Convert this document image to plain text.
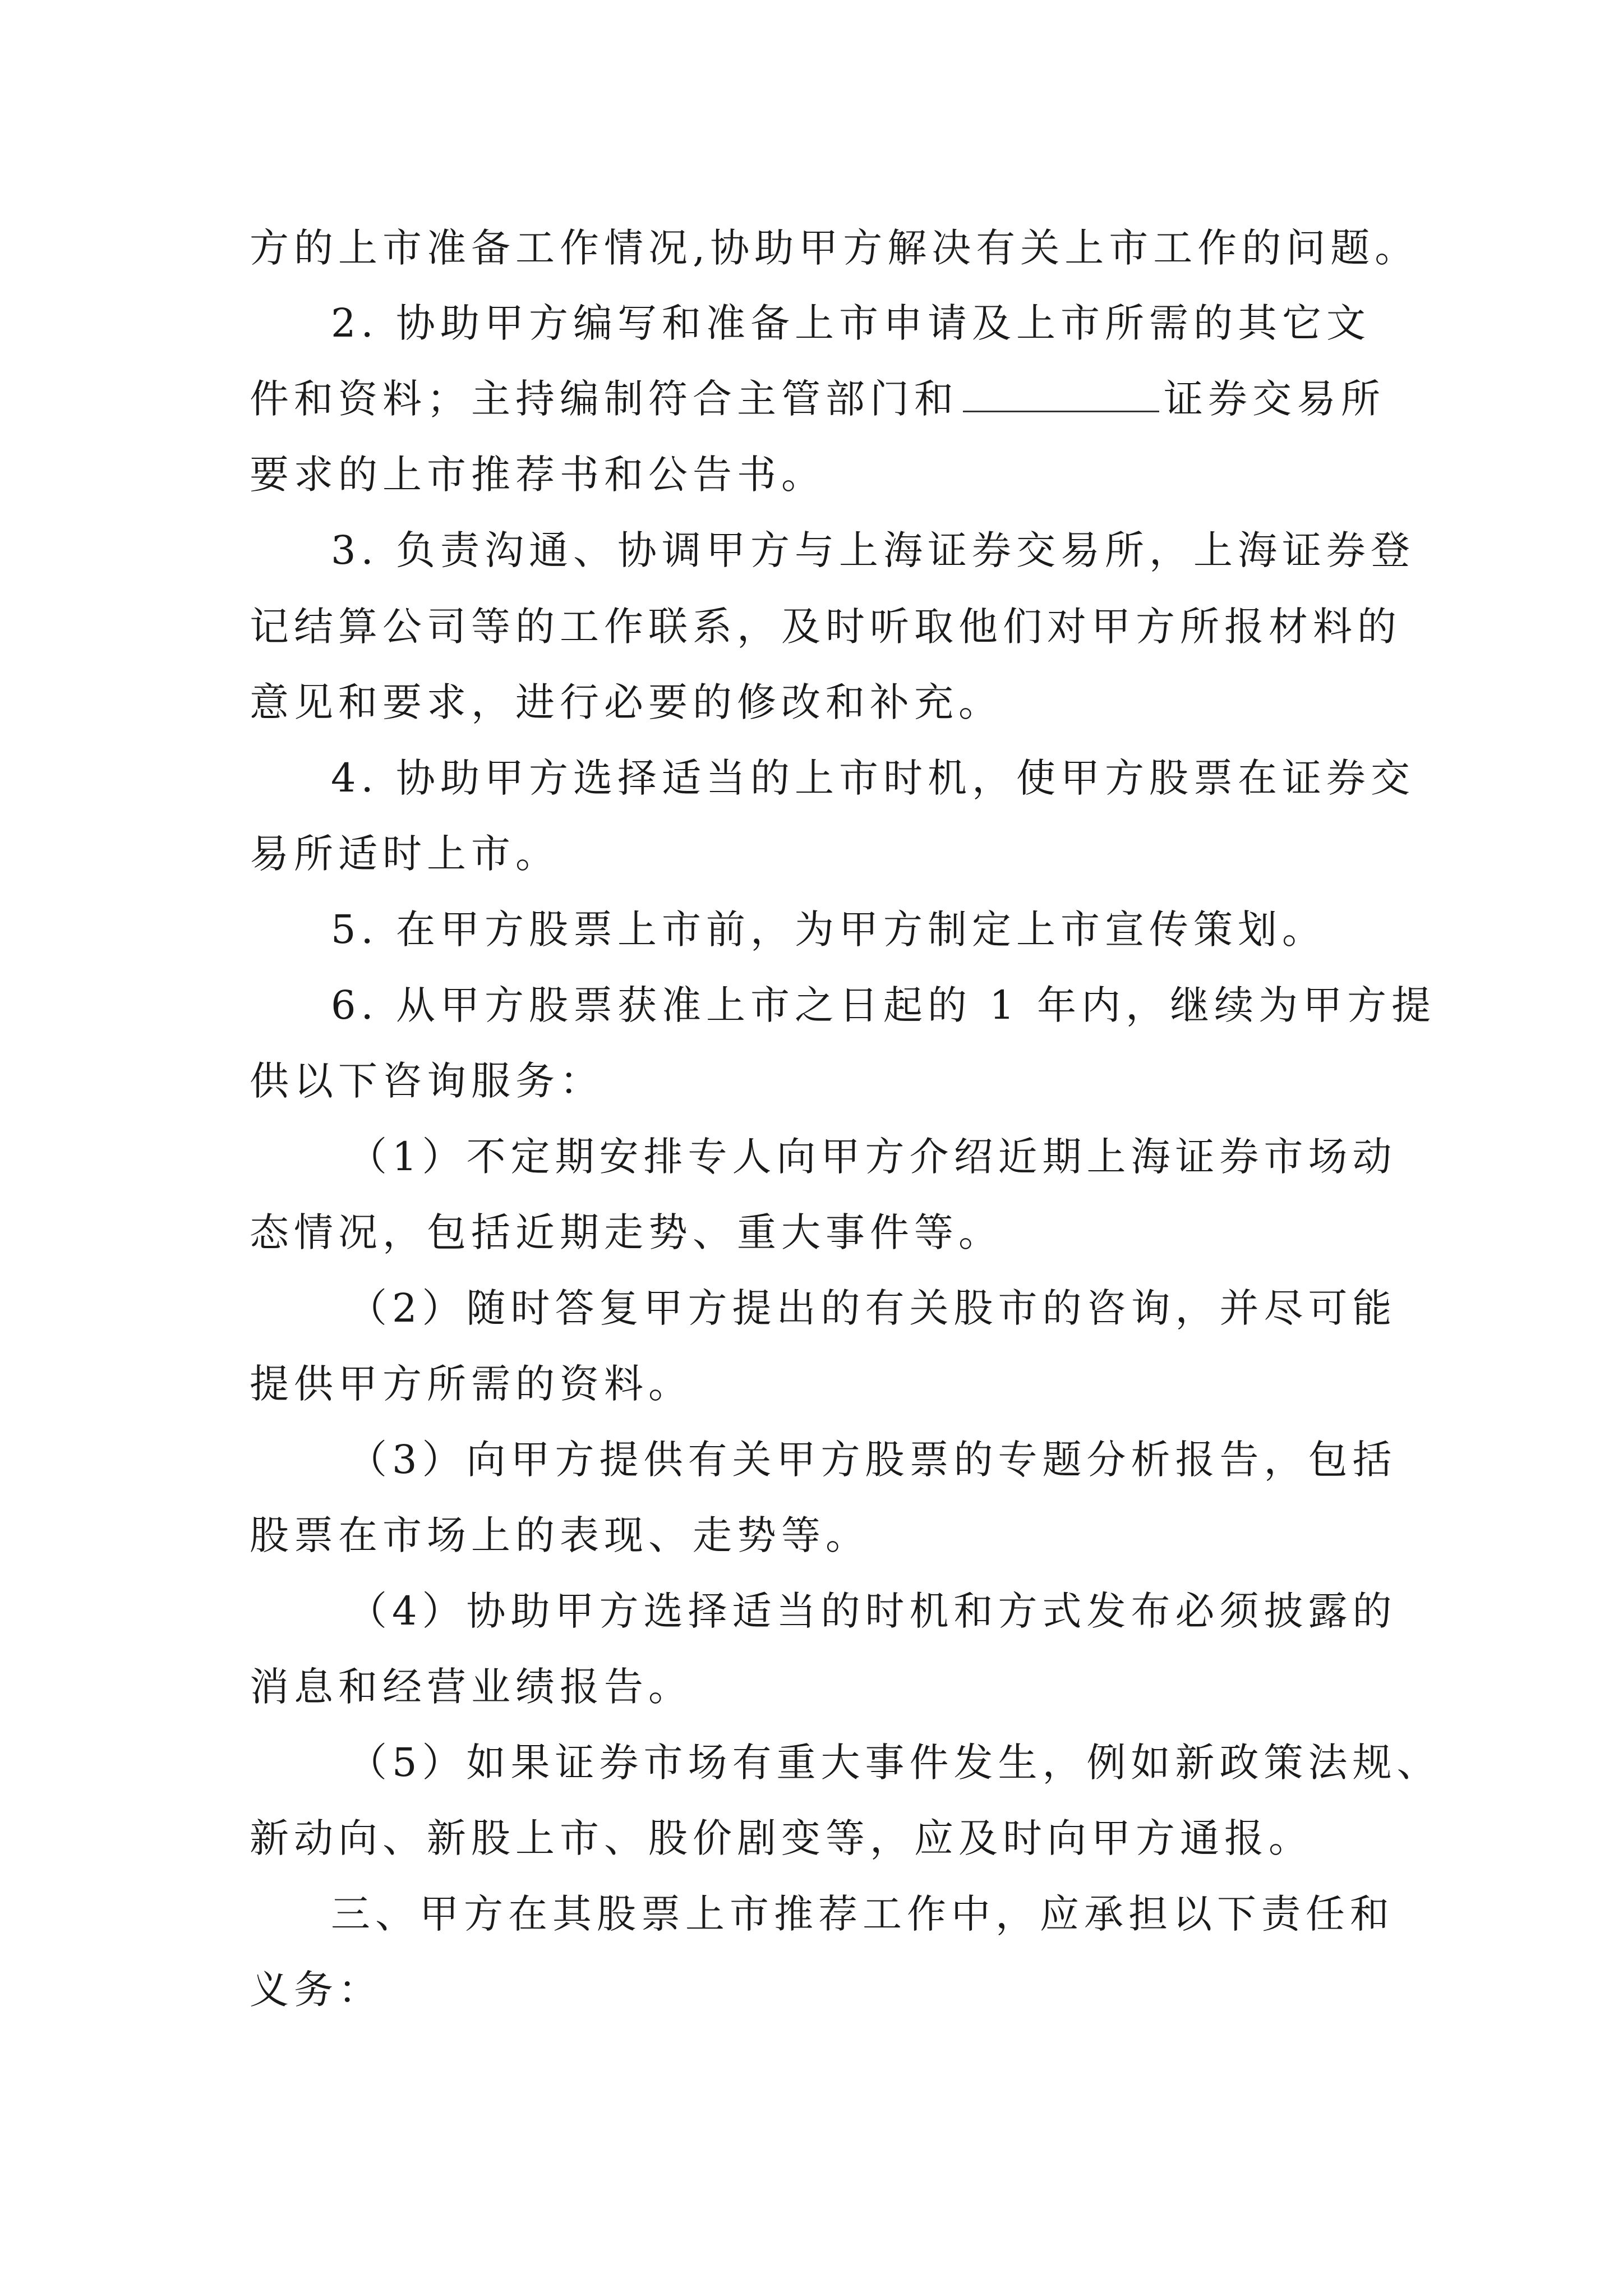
方的上市准备工作情况,协助甲方解决有关上市工作的问题。
2. 协助甲方编写和准备上市申请及上市所需的其它文
件和资料；主持编制符合主管部门和	证券交易所
要求的上市推荐书和公告书。
3. 负责沟通、协调甲方与上海证券交易所，上海证券登
记结算公司等的工作联系，及时听取他们对甲方所报材料的
意见和要求，进行必要的修改和补充。
4. 协助甲方选择适当的上市时机，使甲方股票在证券交
易所适时上市。
5. 在甲方股票上市前，为甲方制定上市宣传策划。
6. 从甲方股票获准上市之日起的 1 年内，继续为甲方提
供以下咨询服务：
（1）不定期安排专人向甲方介绍近期上海证券市场动
态情况，包括近期走势、重大事件等。
（2）随时答复甲方提出的有关股市的咨询，并尽可能
提供甲方所需的资料。
（3）向甲方提供有关甲方股票的专题分析报告，包括
股票在市场上的表现、走势等。
（4）协助甲方选择适当的时机和方式发布必须披露的
消息和经营业绩报告。
（5）如果证券市场有重大事件发生，例如新政策法规、
新动向、新股上市、股价剧变等，应及时向甲方通报。
三、甲方在其股票上市推荐工作中，应承担以下责任和
义务：
